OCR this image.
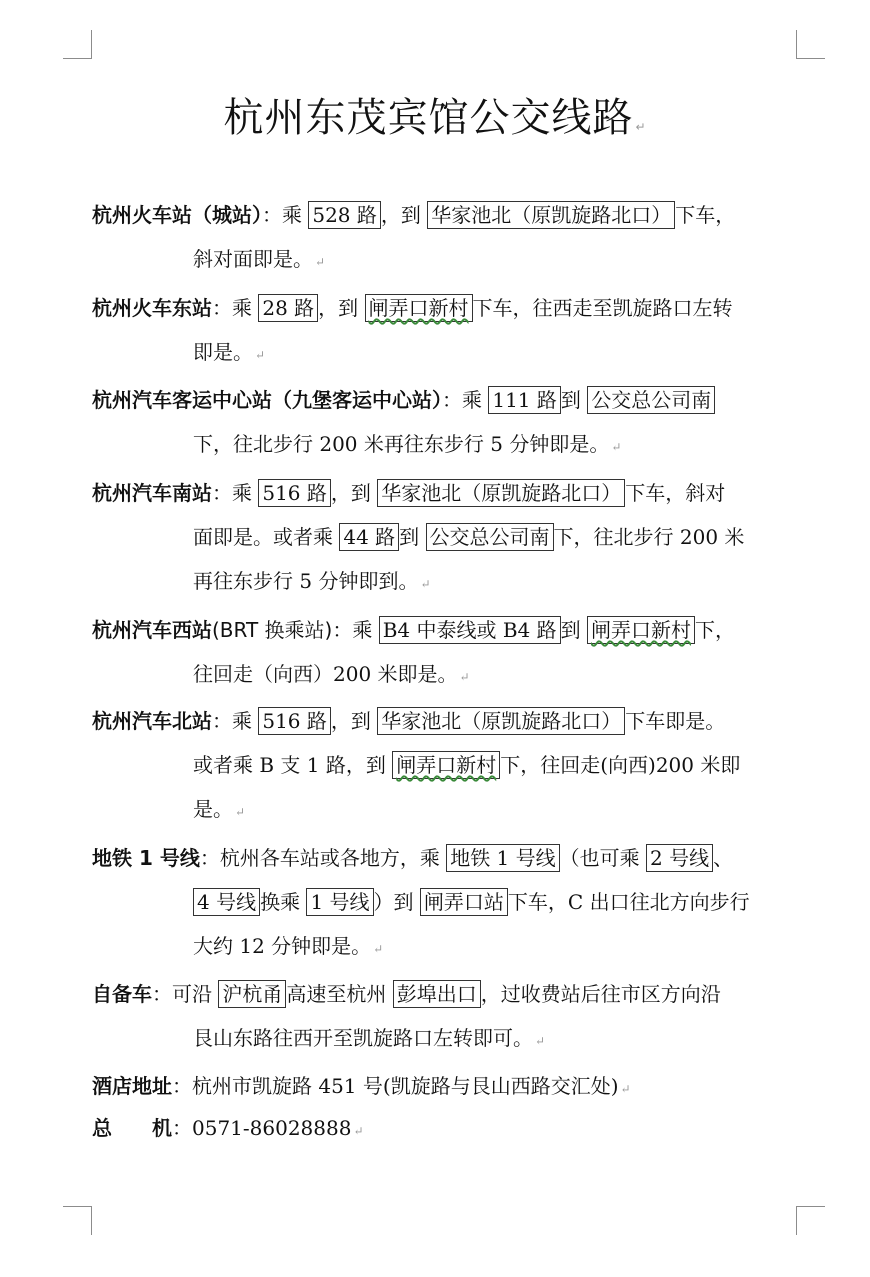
杭州东茂宾馆公交线路 ↵
杭州火车站（城站）：乘 528 路 ，到 华家池北（原凯旋路北口） 下车，
斜对面即是。 ↵
杭州火车东站：乘 28 路 ，到 闸弄口新村 下车，往西走至凯旋路口左转
即是。 ↵
杭州汽车客运中心站（九堡客运中心站）：乘 111 路 到 公交总公司南
下，往北步行 200 米再往东步行 5 分钟即是。 ↵
杭州汽车南站：乘 516 路 ，到 华家池北（原凯旋路北口） 下车，斜对
面即是。或者乘 44 路 到 公交总公司南 下，往北步行 200 米
再往东步行 5 分钟即到。 ↵
杭州汽车西站(BRT 换乘站)：乘 B4 中泰线或 B4 路 到 闸弄口新村 下，
往回走（向西）200 米即是。 ↵
杭州汽车北站：乘 516 路，到 华家池北（原凯旋路北口） 下车即是。
或者乘 B 支 1 路，到 闸弄口新村 下，往回走(向西)200 米即
是。 ↵
地铁 1 号线：杭州各车站或各地方，乘 地铁 1 号线 （也可乘 2 号线、
4 号线 换乘 1 号线 ）到 闸弄口站 下车，C 出口往北方向步行
大约 12 分钟即是。 ↵
自备车：可沿 沪杭甬 高速至杭州 彭埠出口 ，过收费站后往市区方向沿
艮山东路往西开至凯旋路口左转即可。 ↵
酒店地址：杭州市凯旋路 451 号(凯旋路与艮山西路交汇处) ↵
总　　机：0571-86028888 ↵
